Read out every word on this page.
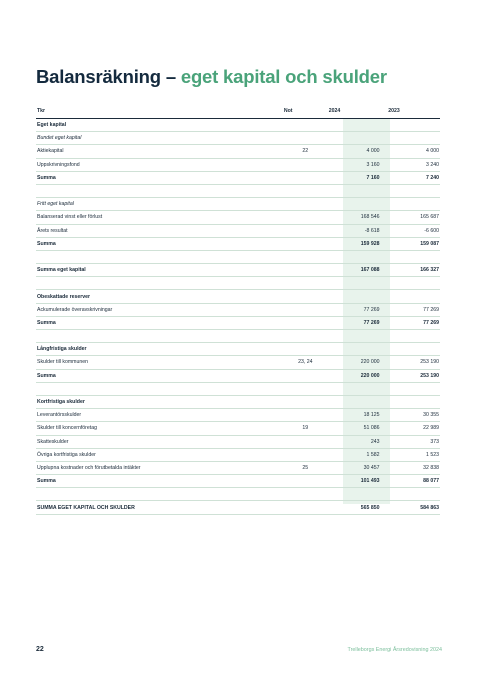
Balansräkning – eget kapital och skulder
Tkr	Not	2024		2023
Eget kapital				
Bundet eget kapital				
Aktiekapital	22	4 000		4 000
Uppskrivningsfond		3 160		3 240
Summa		7 160		7 240

Fritt eget kapital				
Balanserad vinst eller förlust		168 546		165 687
Årets resultat		-8 618		-6 600
Summa		159 928		159 087

Summa eget kapital		167 088		166 327

Obeskattade reserver				
Ackumulerade överavskrivningar		77 269		77 269
Summa		77 269		77 269

Långfristiga skulder				
Skulder till kommunen	23, 24	220 000		253 190
Summa		220 000		253 190

Kortfristiga skulder				
Leverantörsskulder		18 125		30 355
Skulder till koncernföretag	19	51 086		22 989
Skatteskulder		243		373
Övriga kortfristiga skulder		1 582		1 523
Upplupna kostnader och förutbetalda intäkter	25	30 457		32 838
Summa		101 493		88 077

SUMMA EGET KAPITAL OCH SKULDER		565 850		584 863
22	Trelleborgs Energi Årsredovisning 2024
